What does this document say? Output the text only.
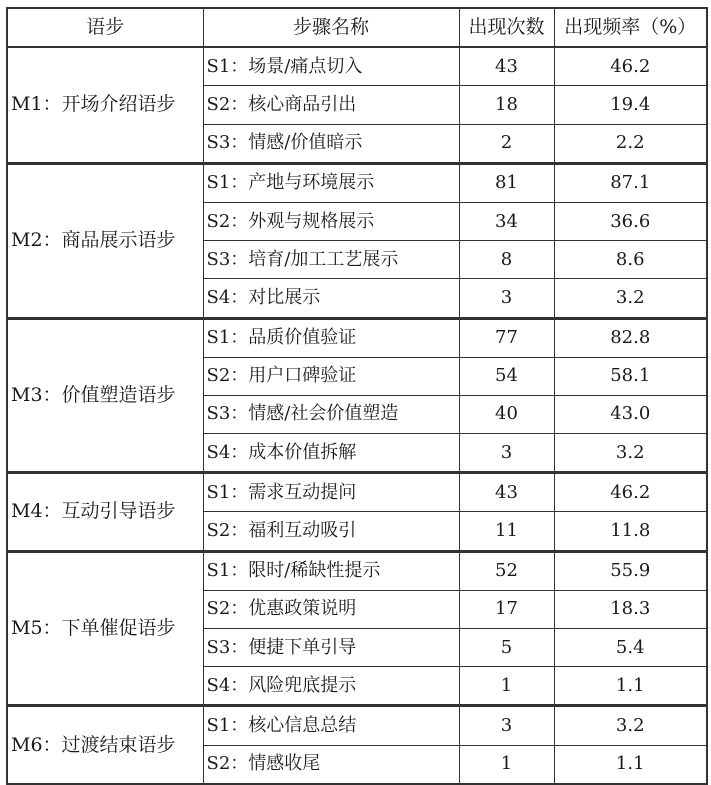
语步	步骤名称	出现次数	出现频率（%）
M1：开场介绍语步	S1：场景/痛点切入	43	46.2
	S2：核心商品引出	18	19.4
	S3：情感/价值暗示	2	2.2
M2：商品展示语步	S1：产地与环境展示	81	87.1
	S2：外观与规格展示	34	36.6
	S3：培育/加工工艺展示	8	8.6
	S4：对比展示	3	3.2
M3：价值塑造语步	S1：品质价值验证	77	82.8
	S2：用户口碑验证	54	58.1
	S3：情感/社会价值塑造	40	43.0
	S4：成本价值拆解	3	3.2
M4：互动引导语步	S1：需求互动提问	43	46.2
	S2：福利互动吸引	11	11.8
M5：下单催促语步	S1：限时/稀缺性提示	52	55.9
	S2：优惠政策说明	17	18.3
	S3：便捷下单引导	5	5.4
	S4：风险兜底提示	1	1.1
M6：过渡结束语步	S1：核心信息总结	3	3.2
	S2：情感收尾	1	1.1
